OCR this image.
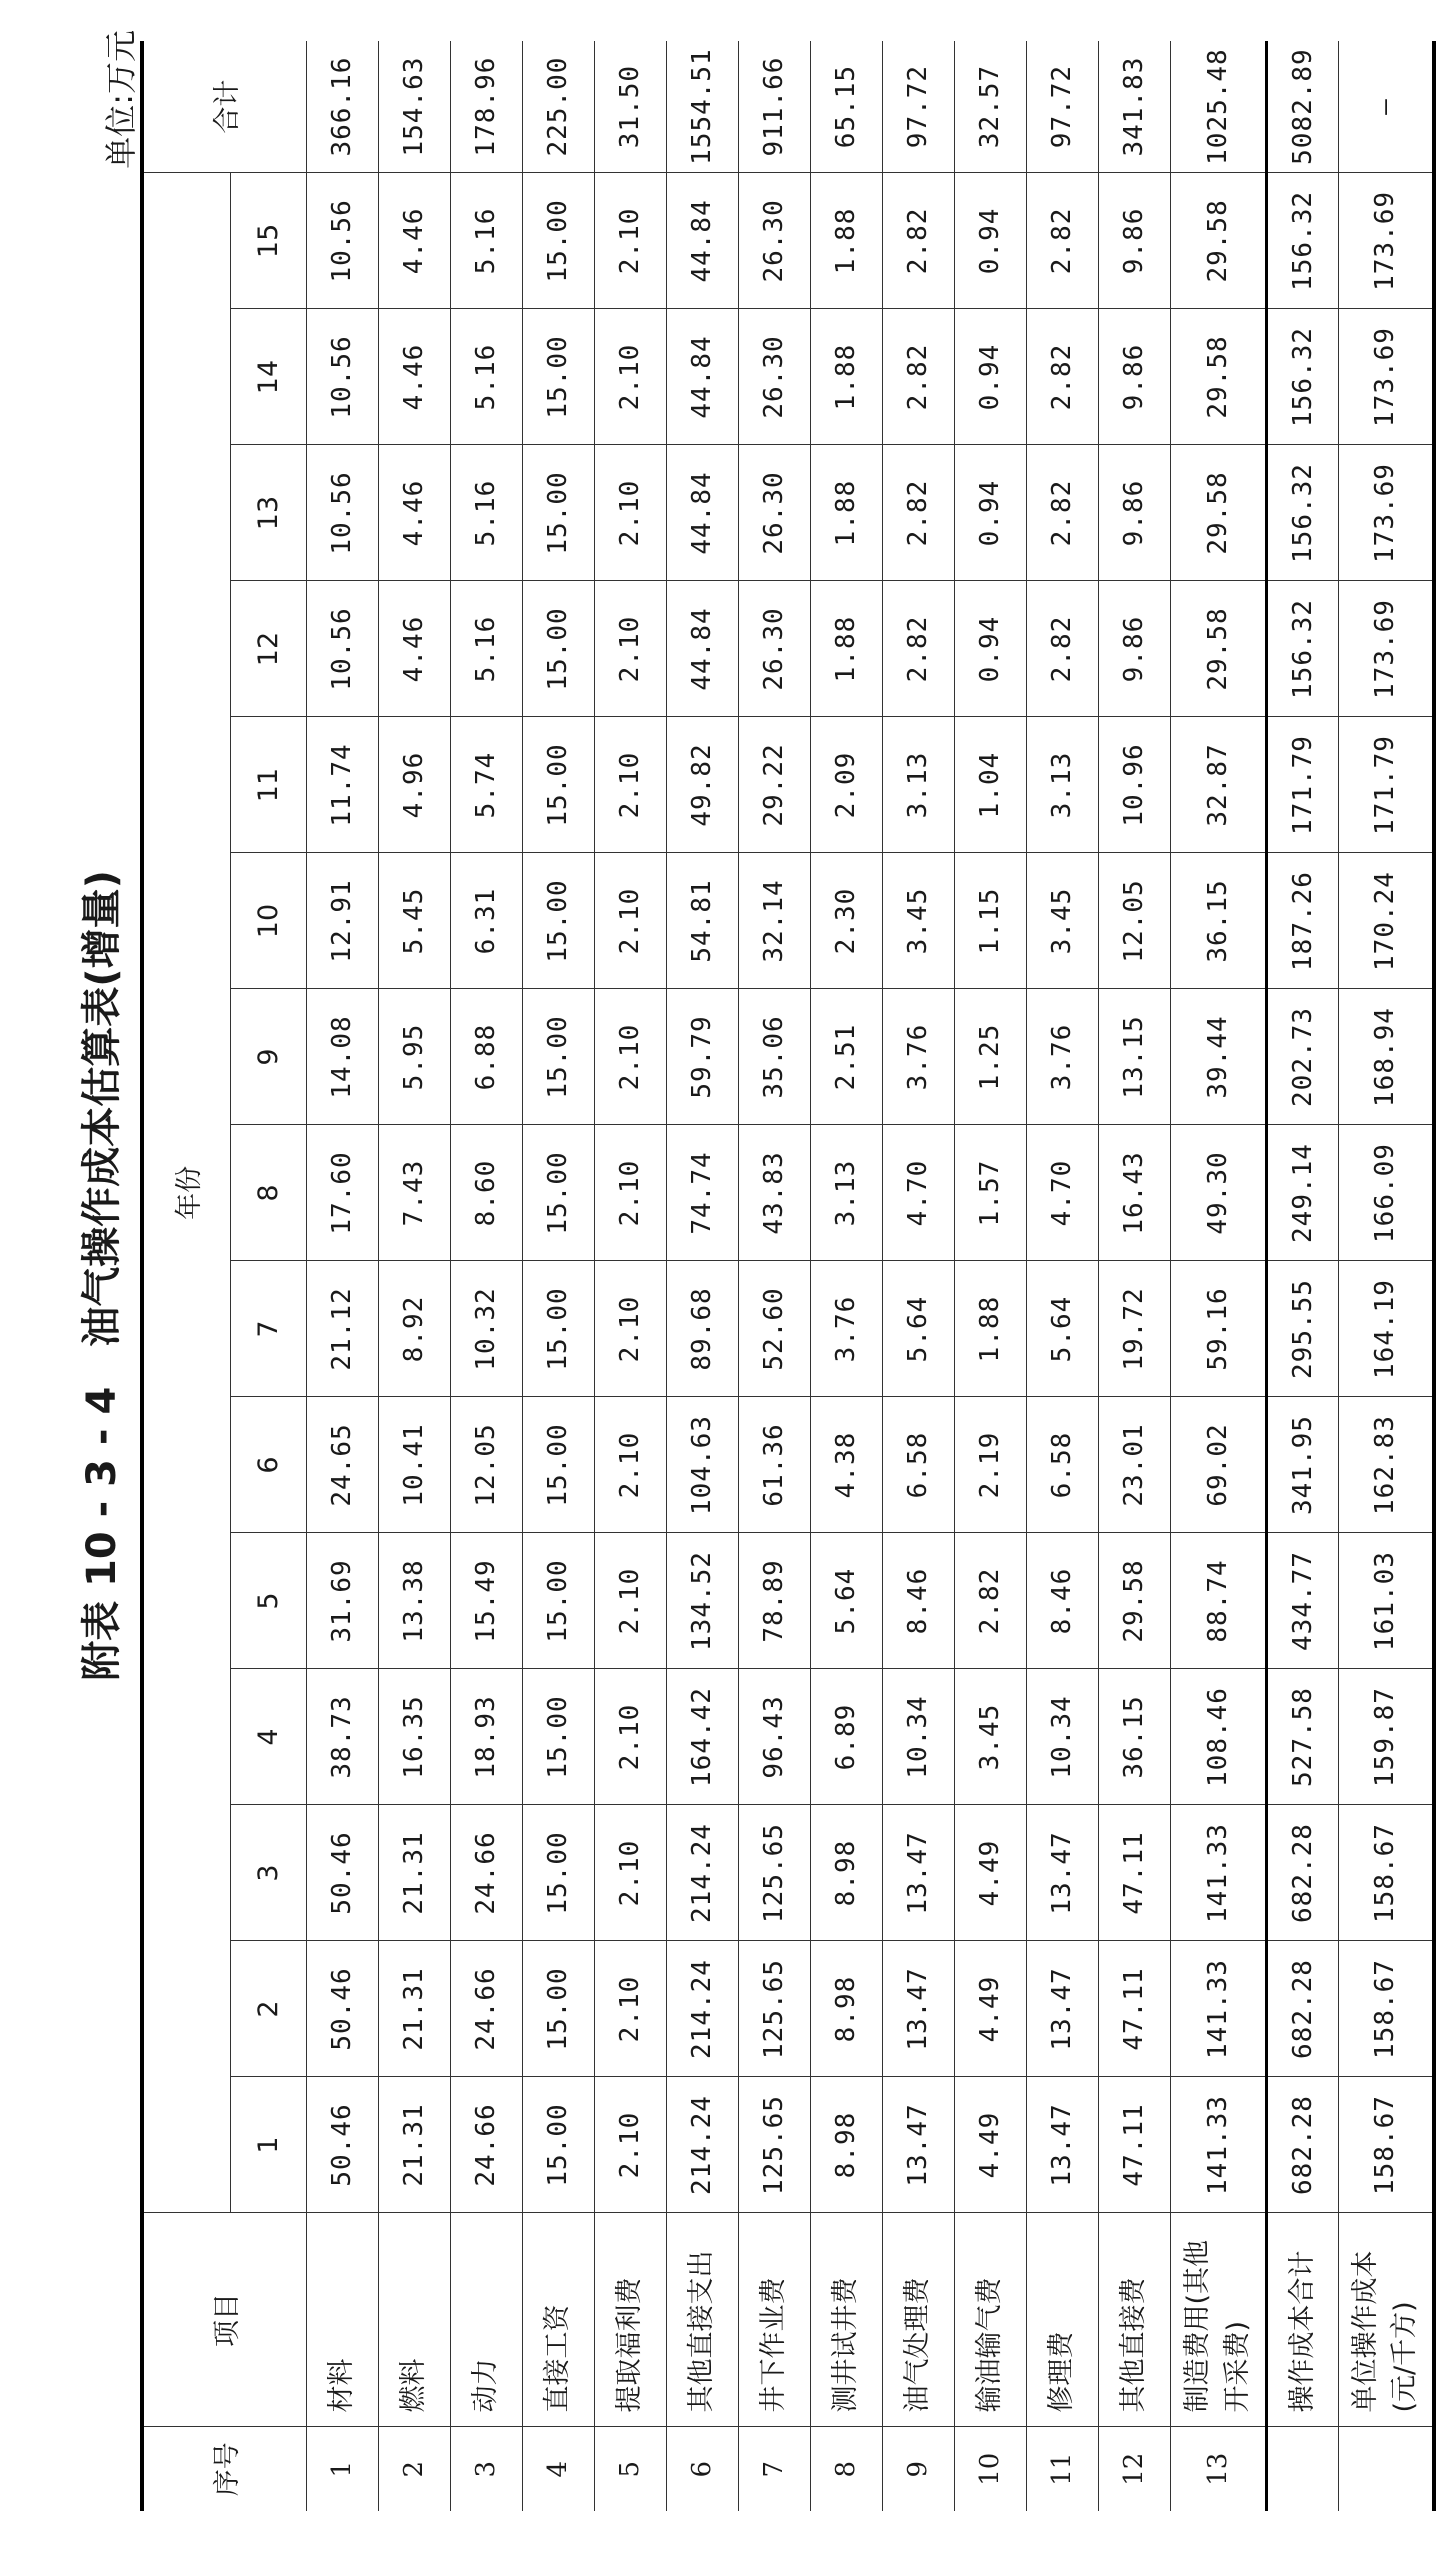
附表 10 - 3 - 4　油气操作成本估算表(增量)
单位:万元
序号	项目	年份															合计
		1	2	3	4	5	6	7	8	9	10	11	12	13	14	15	
1	材料	50.46	50.46	50.46	38.73	31.69	24.65	21.12	17.60	14.08	12.91	11.74	10.56	10.56	10.56	10.56	366.16
2	燃料	21.31	21.31	21.31	16.35	13.38	10.41	8.92	7.43	5.95	5.45	4.96	4.46	4.46	4.46	4.46	154.63
3	动力	24.66	24.66	24.66	18.93	15.49	12.05	10.32	8.60	6.88	6.31	5.74	5.16	5.16	5.16	5.16	178.96
4	直接工资	15.00	15.00	15.00	15.00	15.00	15.00	15.00	15.00	15.00	15.00	15.00	15.00	15.00	15.00	15.00	225.00
5	提取福利费	2.10	2.10	2.10	2.10	2.10	2.10	2.10	2.10	2.10	2.10	2.10	2.10	2.10	2.10	2.10	31.50
6	其他直接支出	214.24	214.24	214.24	164.42	134.52	104.63	89.68	74.74	59.79	54.81	49.82	44.84	44.84	44.84	44.84	1554.51
7	井下作业费	125.65	125.65	125.65	96.43	78.89	61.36	52.60	43.83	35.06	32.14	29.22	26.30	26.30	26.30	26.30	911.66
8	测井试井费	8.98	8.98	8.98	6.89	5.64	4.38	3.76	3.13	2.51	2.30	2.09	1.88	1.88	1.88	1.88	65.15
9	油气处理费	13.47	13.47	13.47	10.34	8.46	6.58	5.64	4.70	3.76	3.45	3.13	2.82	2.82	2.82	2.82	97.72
10	输油输气费	4.49	4.49	4.49	3.45	2.82	2.19	1.88	1.57	1.25	1.15	1.04	0.94	0.94	0.94	0.94	32.57
11	修理费	13.47	13.47	13.47	10.34	8.46	6.58	5.64	4.70	3.76	3.45	3.13	2.82	2.82	2.82	2.82	97.72
12	其他直接费	47.11	47.11	47.11	36.15	29.58	23.01	19.72	16.43	13.15	12.05	10.96	9.86	9.86	9.86	9.86	341.83
13	制造费用(其他开采费)	141.33	141.33	141.33	108.46	88.74	69.02	59.16	49.30	39.44	36.15	32.87	29.58	29.58	29.58	29.58	1025.48
	操作成本合计	682.28	682.28	682.28	527.58	434.77	341.95	295.55	249.14	202.73	187.26	171.79	156.32	156.32	156.32	156.32	5082.89
	单位操作成本(元/千方)	158.67	158.67	158.67	159.87	161.03	162.83	164.19	166.09	168.94	170.24	171.79	173.69	173.69	173.69	173.69	—
